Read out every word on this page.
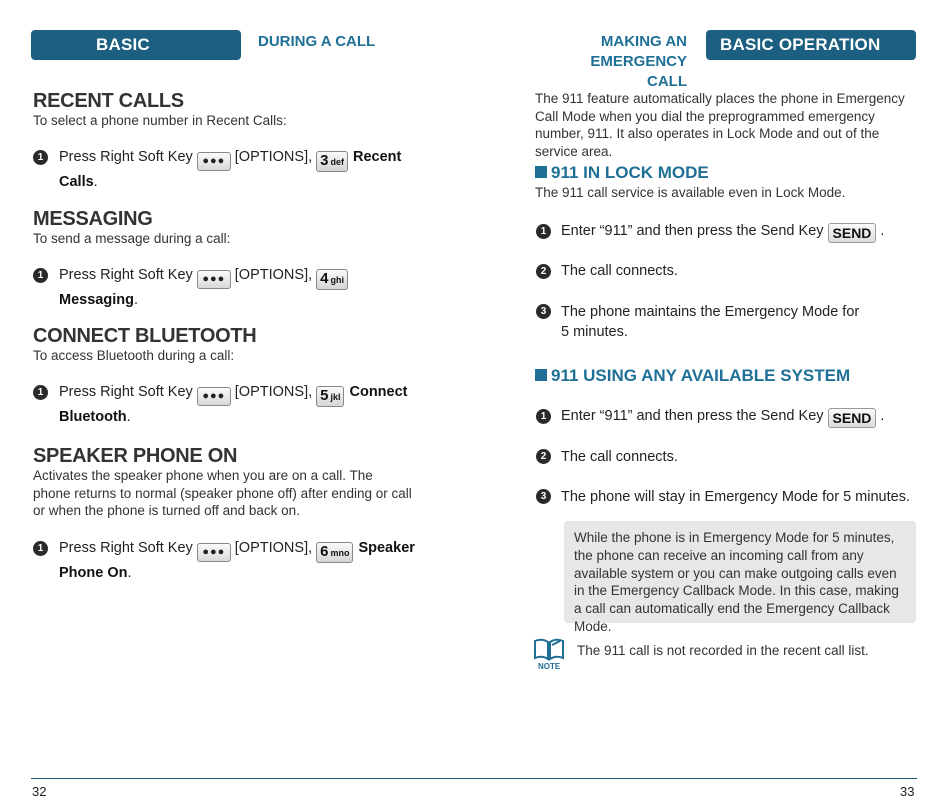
BASIC OPERATION
DURING A CALL
RECENT CALLS
To select a phone number in Recent Calls:
1	Press Right Soft Key ●●● [OPTIONS], 3 def Recent Calls.
MESSAGING
To send a message during a call:
1	Press Right Soft Key ●●● [OPTIONS], 4 ghi
Messaging.
CONNECT BLUETOOTH
To access Bluetooth during a call:
1	Press Right Soft Key ●●● [OPTIONS], 5 jkl Connect Bluetooth.
SPEAKER PHONE ON
Activates the speaker phone when you are on a call. The phone returns to normal (speaker phone off) after ending or call or when the phone is turned off and back on.
1	Press Right Soft Key ●●● [OPTIONS], 6 mno Speaker Phone On.
32
MAKING AN
EMERGENCY CALL
BASIC OPERATION
The 911 feature automatically places the phone in Emergency Call Mode when you dial the preprogrammed emergency number, 911. It also operates in Lock Mode and out of the service area.
911 IN LOCK MODE
The 911 call service is available even in Lock Mode.
1	Enter “911” and then press the Send Key SEND .
2	The call connects.
3	The phone maintains the Emergency Mode for 5 minutes.
911 USING ANY AVAILABLE SYSTEM
1	Enter “911” and then press the Send Key SEND .
2	The call connects.
3	The phone will stay in Emergency Mode for 5 minutes.
While the phone is in Emergency Mode for 5 minutes, the phone can receive an incoming call from any available system or you can make outgoing calls even in the Emergency Callback Mode. In this case, making a call can automatically end the Emergency Callback Mode.
NOTE
The 911 call is not recorded in the recent call list.
33
